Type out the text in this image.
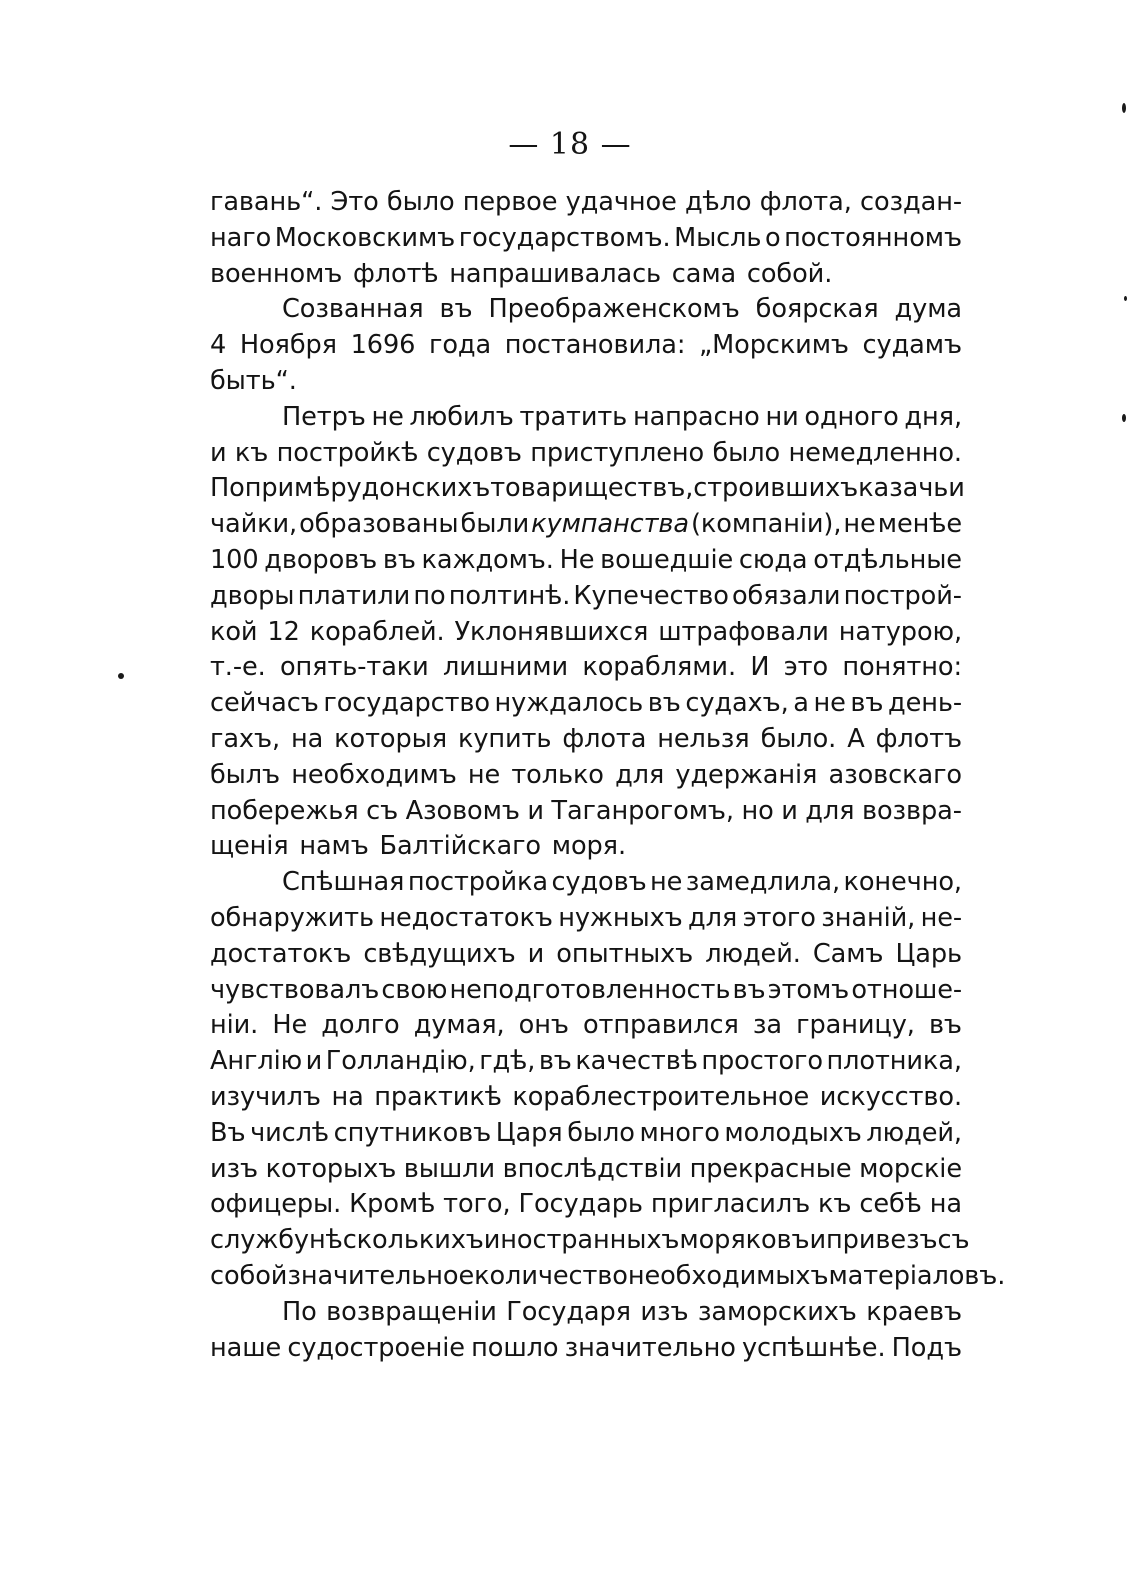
— 18 —
гавань“. Это было первое удачное дѣло флота, создан-
наго Московскимъ государствомъ. Мысль о постоянномъ
военномъ флотѣ напрашивалась сама собой.
Созванная въ Преображенскомъ боярская дума
4 Ноября 1696 года постановила: „Морскимъ судамъ
быть“.
Петръ не любилъ тратить напрасно ни одного дня,
и къ постройкѣ судовъ приступлено было немедленно.
По примѣру донскихъ товариществъ, строившихъ казачьи
чайки, образованы были кумпанства (компаніи), не менѣе
100 дворовъ въ каждомъ. Не вошедшіе сюда отдѣльные
дворы платили по полтинѣ. Купечество обязали построй-
кой 12 кораблей. Уклонявшихся штрафовали натурою,
т.-е. опять-таки лишними кораблями. И это понятно:
сейчасъ государство нуждалось въ судахъ, а не въ день-
гахъ, на которыя купить флота нельзя было. А флотъ
былъ необходимъ не только для удержанія азовскаго
побережья съ Азовомъ и Таганрогомъ, но и для возвра-
щенія намъ Балтійскаго моря.
Спѣшная постройка судовъ не замедлила, конечно,
обнаружить недостатокъ нужныхъ для этого знаній, не-
достатокъ свѣдущихъ и опытныхъ людей. Самъ Царь
чувствовалъ свою неподготовленность въ этомъ отноше-
ніи. Не долго думая, онъ отправился за границу, въ
Англію и Голландію, гдѣ, въ качествѣ простого плотника,
изучилъ на практикѣ кораблестроительное искусство.
Въ числѣ спутниковъ Царя было много молодыхъ людей,
изъ которыхъ вышли впослѣдствіи прекрасные морскіе
офицеры. Кромѣ того, Государь пригласилъ къ себѣ на
службу нѣсколькихъ иностранныхъ моряковъ и привезъ съ
собой значительное количество необходимыхъ матеріаловъ.
По возвращеніи Государя изъ заморскихъ краевъ
наше судостроеніе пошло значительно успѣшнѣе. Подъ
